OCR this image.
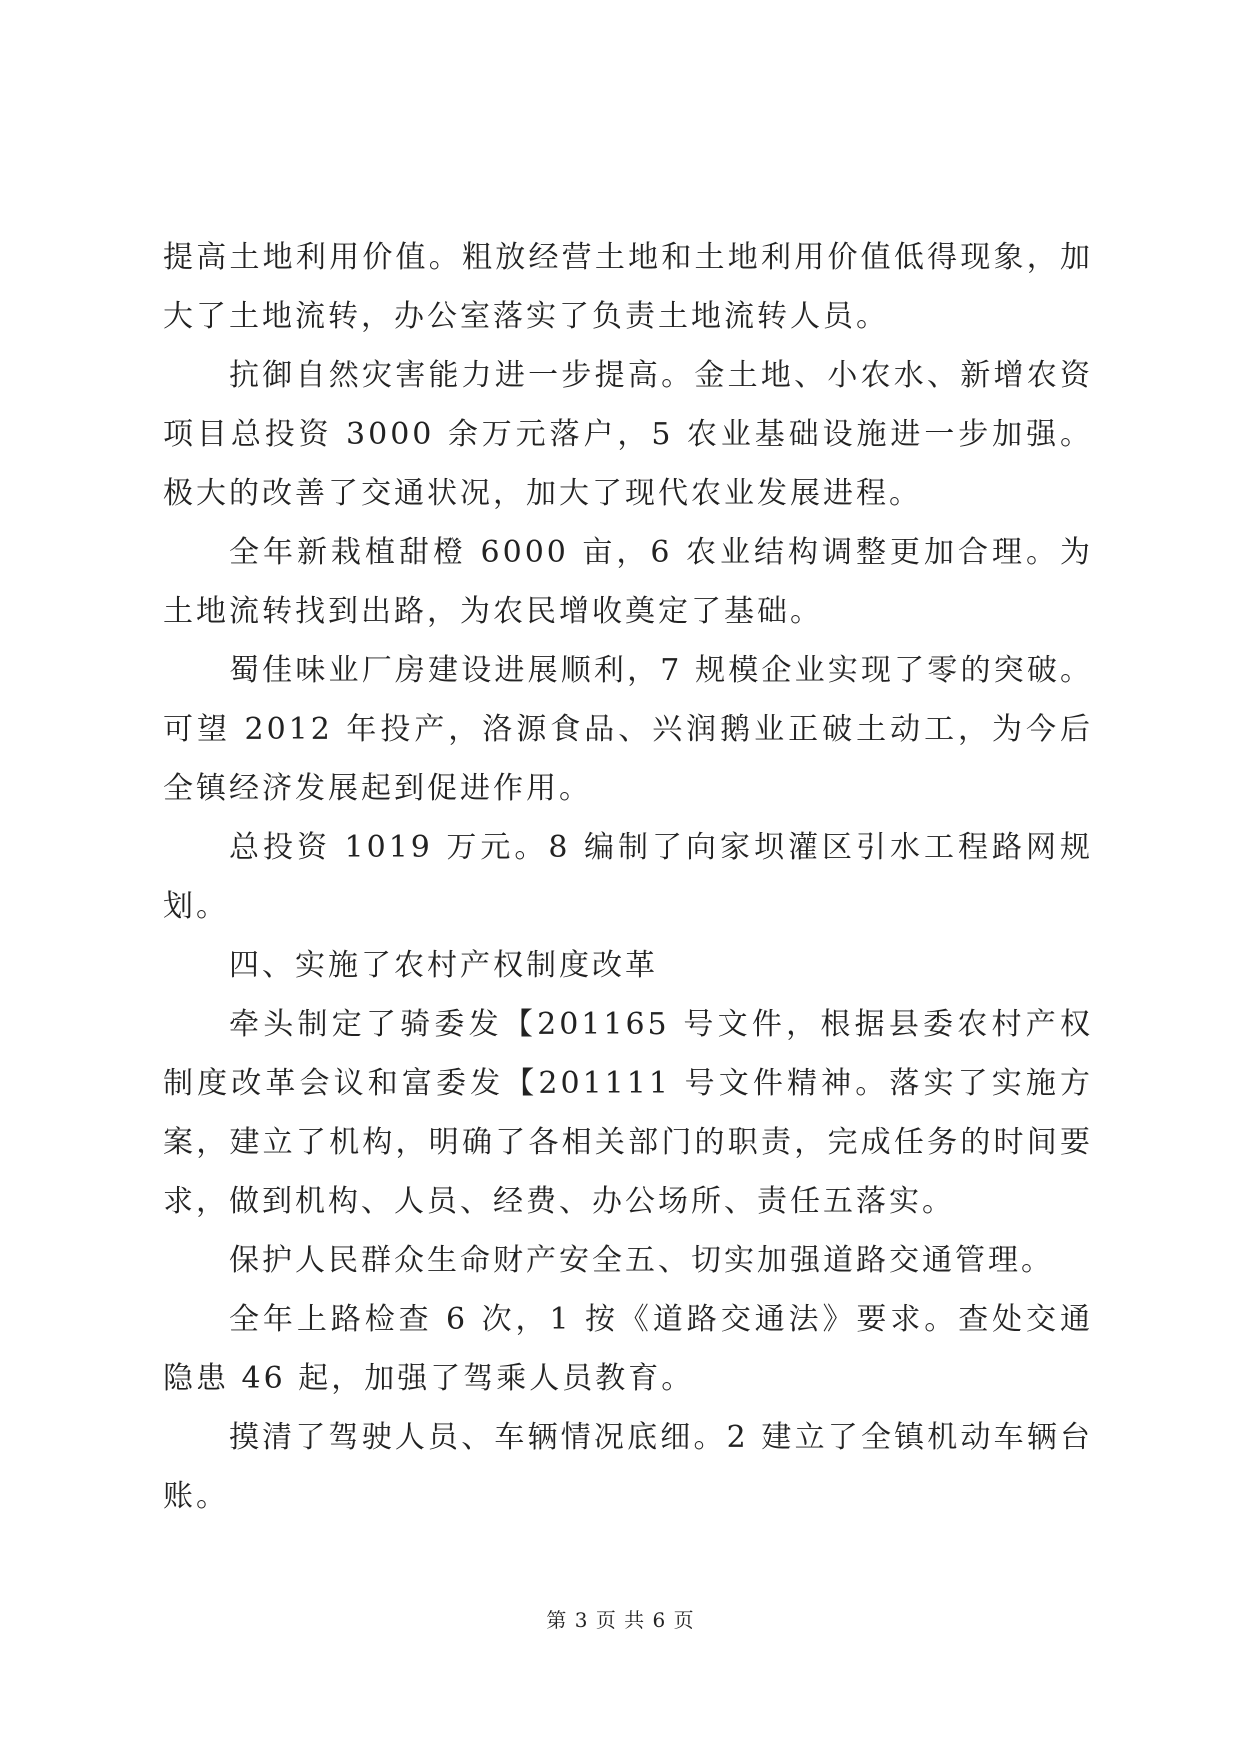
提高土地利用价值。粗放经营土地和土地利用价值低得现象，加大了土地流转，办公室落实了负责土地流转人员。

抗御自然灾害能力进一步提高。金土地、小农水、新增农资项目总投资 3000 余万元落户，5 农业基础设施进一步加强。极大的改善了交通状况，加大了现代农业发展进程。

全年新栽植甜橙 6000 亩，6 农业结构调整更加合理。为土地流转找到出路，为农民增收奠定了基础。

蜀佳味业厂房建设进展顺利，7 规模企业实现了零的突破。可望 2012 年投产，洛源食品、兴润鹅业正破土动工，为今后全镇经济发展起到促进作用。

总投资 1019 万元。8 编制了向家坝灌区引水工程路网规划。

四、实施了农村产权制度改革

牵头制定了骑委发【201165 号文件，根据县委农村产权制度改革会议和富委发【201111 号文件精神。落实了实施方案，建立了机构，明确了各相关部门的职责，完成任务的时间要求，做到机构、人员、经费、办公场所、责任五落实。

保护人民群众生命财产安全五、切实加强道路交通管理。

全年上路检查 6 次，1 按《道路交通法》要求。查处交通隐患 46 起，加强了驾乘人员教育。

摸清了驾驶人员、车辆情况底细。2 建立了全镇机动车辆台账。

第 3 页 共 6 页
